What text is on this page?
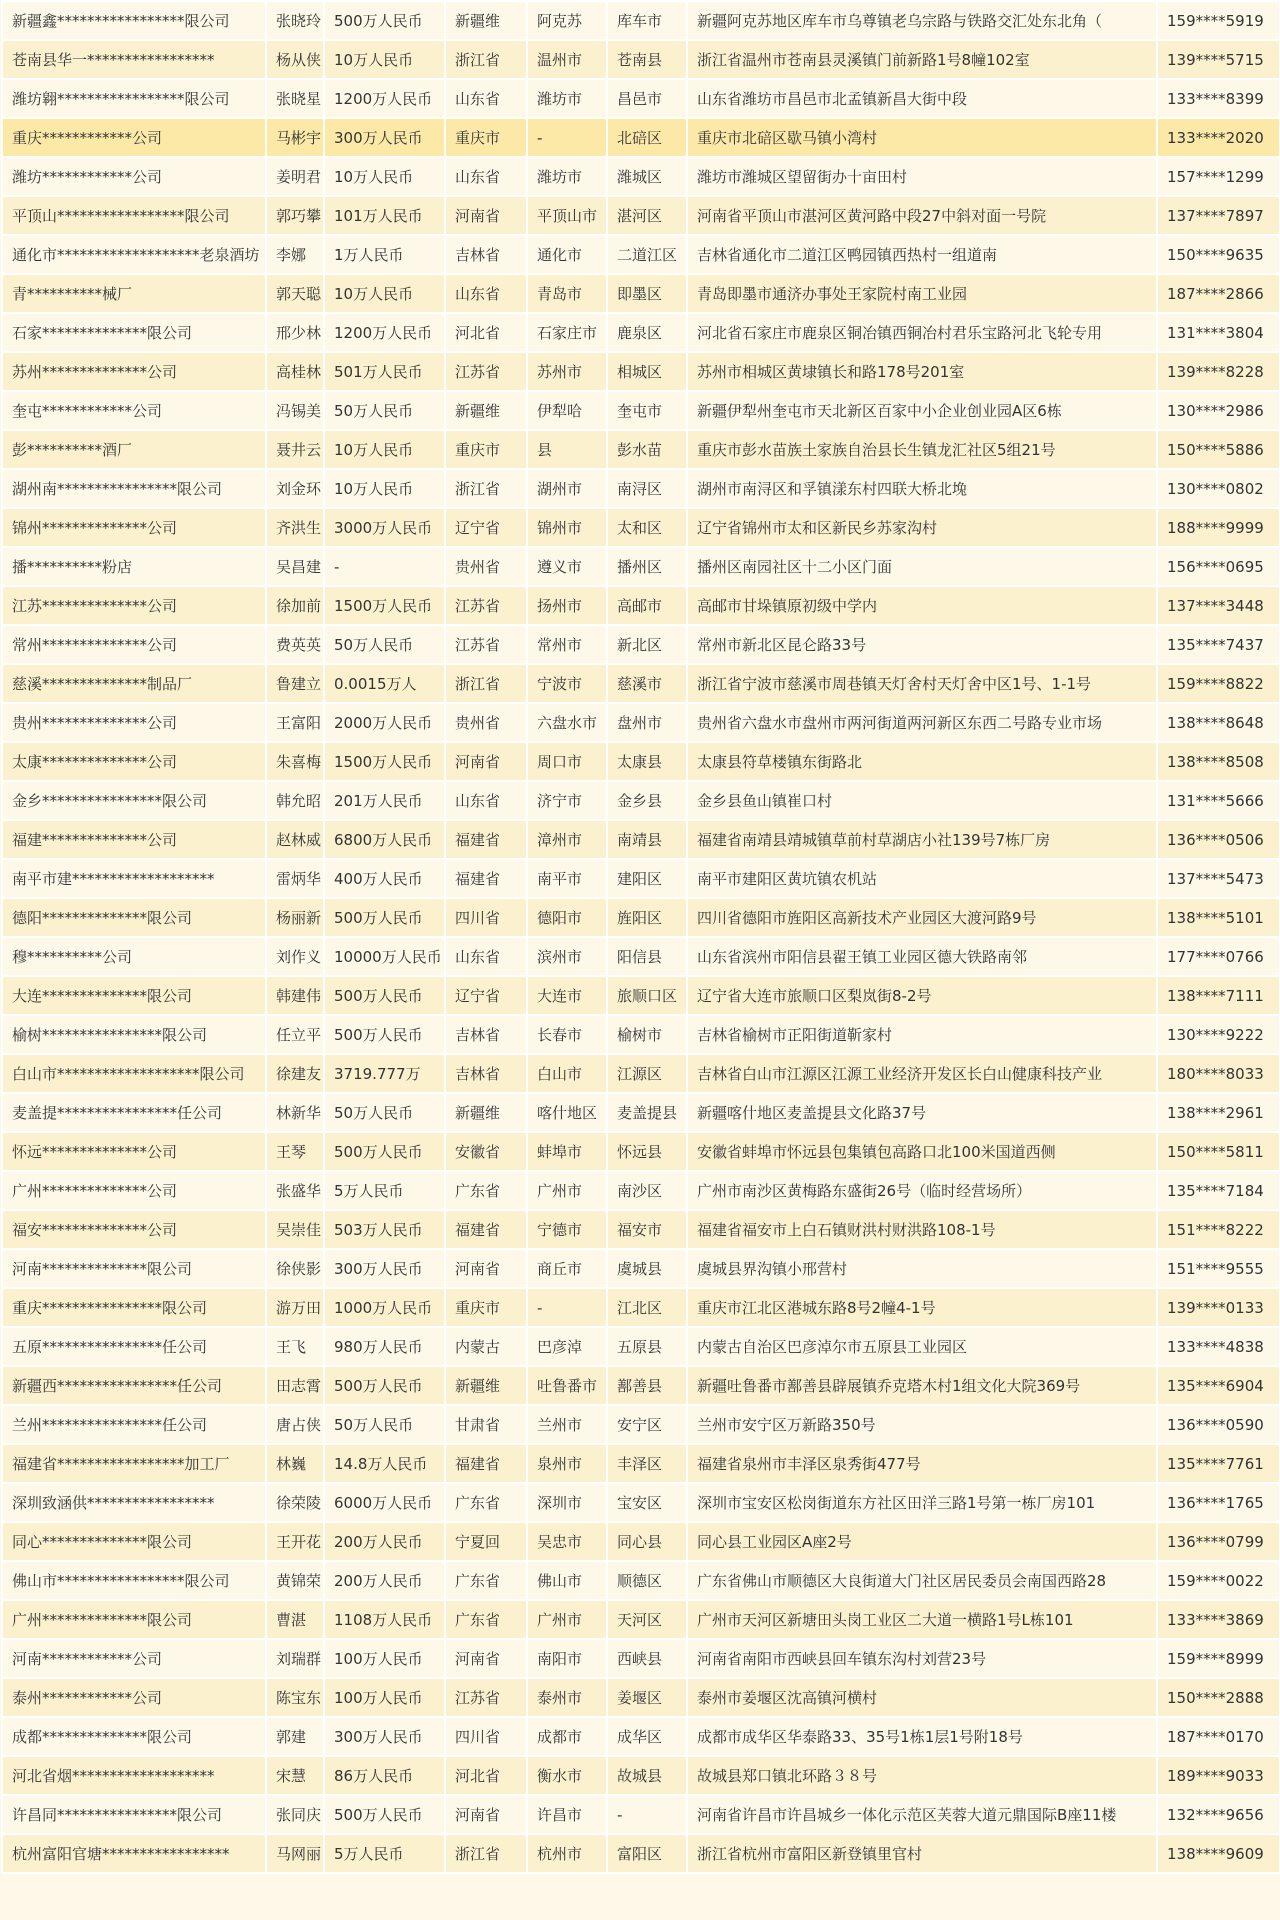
新疆鑫*****************限公司	张晓玲	500万人民币	新疆维	阿克苏	库车市	新疆阿克苏地区库车市乌尊镇老乌宗路与铁路交汇处东北角（	159****5919
苍南县华一*****************	杨从侠	10万人民币	浙江省	温州市	苍南县	浙江省温州市苍南县灵溪镇门前新路1号8幢102室	139****5715
潍坊翱*****************限公司	张晓星	1200万人民币	山东省	潍坊市	昌邑市	山东省潍坊市昌邑市北孟镇新昌大街中段	133****8399
重庆************公司	马彬宇	300万人民币	重庆市	-	北碚区	重庆市北碚区歇马镇小湾村	133****2020
潍坊************公司	姜明君	10万人民币	山东省	潍坊市	潍城区	潍坊市潍城区望留街办十亩田村	157****1299
平顶山*****************限公司	郭巧攀	101万人民币	河南省	平顶山市	湛河区	河南省平顶山市湛河区黄河路中段27中斜对面一号院	137****7897
通化市*******************老泉酒坊	李娜	1万人民币	吉林省	通化市	二道江区	吉林省通化市二道江区鸭园镇西热村一组道南	150****9635
青**********械厂	郭天聪	10万人民币	山东省	青岛市	即墨区	青岛即墨市通济办事处王家院村南工业园	187****2866
石家**************限公司	邢少林	1200万人民币	河北省	石家庄市	鹿泉区	河北省石家庄市鹿泉区铜冶镇西铜冶村君乐宝路河北飞轮专用	131****3804
苏州**************公司	高桂林	501万人民币	江苏省	苏州市	相城区	苏州市相城区黄埭镇长和路178号201室	139****8228
奎屯************公司	冯锡美	50万人民币	新疆维	伊犁哈	奎屯市	新疆伊犁州奎屯市天北新区百家中小企业创业园A区6栋	130****2986
彭**********酒厂	聂井云	10万人民币	重庆市	县	彭水苗	重庆市彭水苗族土家族自治县长生镇龙汇社区5组21号	150****5886
湖州南****************限公司	刘金环	10万人民币	浙江省	湖州市	南浔区	湖州市南浔区和孚镇漾东村四联大桥北堍	130****0802
锦州**************公司	齐洪生	3000万人民币	辽宁省	锦州市	太和区	辽宁省锦州市太和区新民乡苏家沟村	188****9999
播**********粉店	吴昌建	-	贵州省	遵义市	播州区	播州区南园社区十二小区门面	156****0695
江苏**************公司	徐加前	1500万人民币	江苏省	扬州市	高邮市	高邮市甘垛镇原初级中学内	137****3448
常州**************公司	费英英	50万人民币	江苏省	常州市	新北区	常州市新北区昆仑路33号	135****7437
慈溪**************制品厂	鲁建立	0.0015万人	浙江省	宁波市	慈溪市	浙江省宁波市慈溪市周巷镇天灯舍村天灯舍中区1号、1-1号	159****8822
贵州**************公司	王富阳	2000万人民币	贵州省	六盘水市	盘州市	贵州省六盘水市盘州市两河街道两河新区东西二号路专业市场	138****8648
太康**************公司	朱喜梅	1500万人民币	河南省	周口市	太康县	太康县符草楼镇东街路北	138****8508
金乡****************限公司	韩允昭	201万人民币	山东省	济宁市	金乡县	金乡县鱼山镇崔口村	131****5666
福建**************公司	赵林威	6800万人民币	福建省	漳州市	南靖县	福建省南靖县靖城镇草前村草湖店小社139号7栋厂房	136****0506
南平市建*******************	雷炳华	400万人民币	福建省	南平市	建阳区	南平市建阳区黄坑镇农机站	137****5473
德阳**************限公司	杨丽新	500万人民币	四川省	德阳市	旌阳区	四川省德阳市旌阳区高新技术产业园区大渡河路9号	138****5101
穆**********公司	刘作义	10000万人民币	山东省	滨州市	阳信县	山东省滨州市阳信县翟王镇工业园区德大铁路南邻	177****0766
大连**************限公司	韩建伟	500万人民币	辽宁省	大连市	旅顺口区	辽宁省大连市旅顺口区梨岚街8-2号	138****7111
榆树****************限公司	任立平	500万人民币	吉林省	长春市	榆树市	吉林省榆树市正阳街道靳家村	130****9222
白山市*******************限公司	徐建友	3719.777万	吉林省	白山市	江源区	吉林省白山市江源区江源工业经济开发区长白山健康科技产业	180****8033
麦盖提****************任公司	林新华	50万人民币	新疆维	喀什地区	麦盖提县	新疆喀什地区麦盖提县文化路37号	138****2961
怀远**************公司	王琴	500万人民币	安徽省	蚌埠市	怀远县	安徽省蚌埠市怀远县包集镇包高路口北100米国道西侧	150****5811
广州**************公司	张盛华	5万人民币	广东省	广州市	南沙区	广州市南沙区黄梅路东盛街26号（临时经营场所）	135****7184
福安**************公司	吴崇佳	503万人民币	福建省	宁德市	福安市	福建省福安市上白石镇财洪村财洪路108-1号	151****8222
河南**************限公司	徐侠影	300万人民币	河南省	商丘市	虞城县	虞城县界沟镇小邢营村	151****9555
重庆****************限公司	游万田	1000万人民币	重庆市	-	江北区	重庆市江北区港城东路8号2幢4-1号	139****0133
五原****************任公司	王飞	980万人民币	内蒙古	巴彦淖	五原县	内蒙古自治区巴彦淖尔市五原县工业园区	133****4838
新疆西****************任公司	田志霄	500万人民币	新疆维	吐鲁番市	鄯善县	新疆吐鲁番市鄯善县辟展镇乔克塔木村1组文化大院369号	135****6904
兰州****************任公司	唐占侠	50万人民币	甘肃省	兰州市	安宁区	兰州市安宁区万新路350号	136****0590
福建省*****************加工厂	林巍	14.8万人民币	福建省	泉州市	丰泽区	福建省泉州市丰泽区泉秀街477号	135****7761
深圳致涵供*****************	徐荣陵	6000万人民币	广东省	深圳市	宝安区	深圳市宝安区松岗街道东方社区田洋三路1号第一栋厂房101	136****1765
同心**************限公司	王开花	200万人民币	宁夏回	吴忠市	同心县	同心县工业园区A座2号	136****0799
佛山市*****************限公司	黄锦荣	200万人民币	广东省	佛山市	顺德区	广东省佛山市顺德区大良街道大门社区居民委员会南国西路28	159****0022
广州**************限公司	曹湛	1108万人民币	广东省	广州市	天河区	广州市天河区新塘田头岗工业区二大道一横路1号L栋101	133****3869
河南************公司	刘瑞群	100万人民币	河南省	南阳市	西峡县	河南省南阳市西峡县回车镇东沟村刘营23号	159****8999
泰州************公司	陈宝东	100万人民币	江苏省	泰州市	姜堰区	泰州市姜堰区沈高镇河横村	150****2888
成都**************限公司	郭建	300万人民币	四川省	成都市	成华区	成都市成华区华泰路33、35号1栋1层1号附18号	187****0170
河北省烟*******************	宋慧	86万人民币	河北省	衡水市	故城县	故城县郑口镇北环路３８号	189****9033
许昌同****************限公司	张同庆	500万人民币	河南省	许昌市	-	河南省许昌市许昌城乡一体化示范区芙蓉大道元鼎国际B座11楼	132****9656
杭州富阳官塘*****************	马网丽	5万人民币	浙江省	杭州市	富阳区	浙江省杭州市富阳区新登镇里官村	138****9609
